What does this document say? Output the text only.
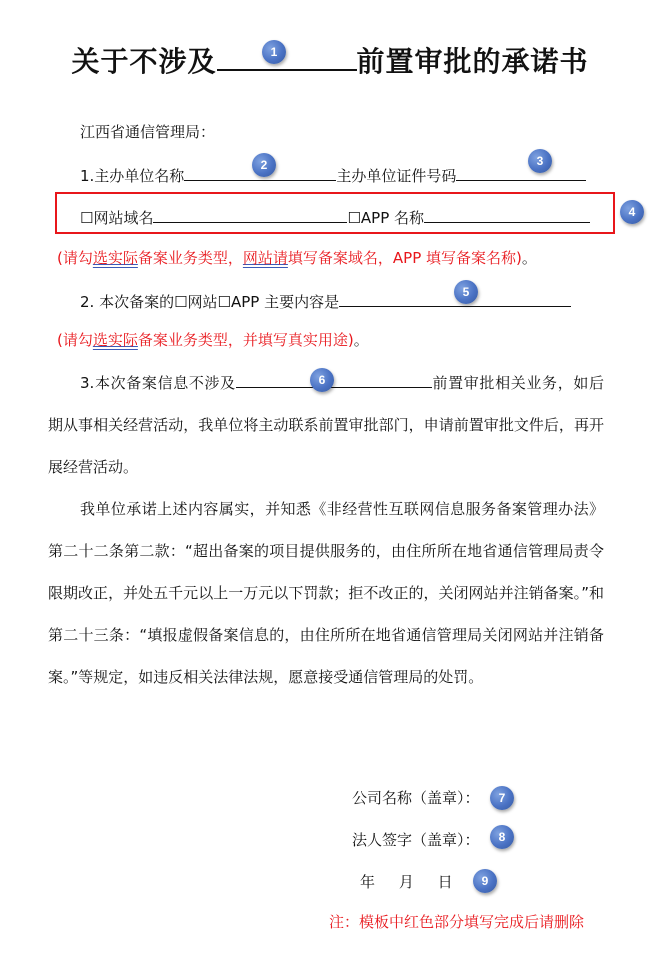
关于不涉及	前置审批的承诺书
1
江西省通信管理局：
1.主办单位名称	主办单位证件号码
2	3
☐网站域名	☐APP 名称	4
(请勾选实际备案业务类型，网站请填写备案域名，APP 填写备案名称)。
2. 本次备案的☐网站☐APP 主要内容是
5
(请勾选实际备案业务类型，并填写真实用途)。

3.本次备案信息不涉及	前置审批相关业务，如后期从事相关经营活动，我单位将主动联系前置审批部门，申请前置审批文件后，再开展经营活动。

6

我单位承诺上述内容属实，并知悉《非经营性互联网信息服务备案管理办法》第二十二条第二款：“超出备案的项目提供服务的，由住所所在地省通信管理局责令限期改正，并处五千元以上一万元以下罚款；拒不改正的，关闭网站并注销备案。”和第二十三条：“填报虚假备案信息的，由住所所在地省通信管理局关闭网站并注销备案。”等规定，如违反相关法律法规，愿意接受通信管理局的处罚。

公司名称（盖章）：	7
法人签字（盖章）：	8
年     月     日	9
注：模板中红色部分填写完成后请删除
